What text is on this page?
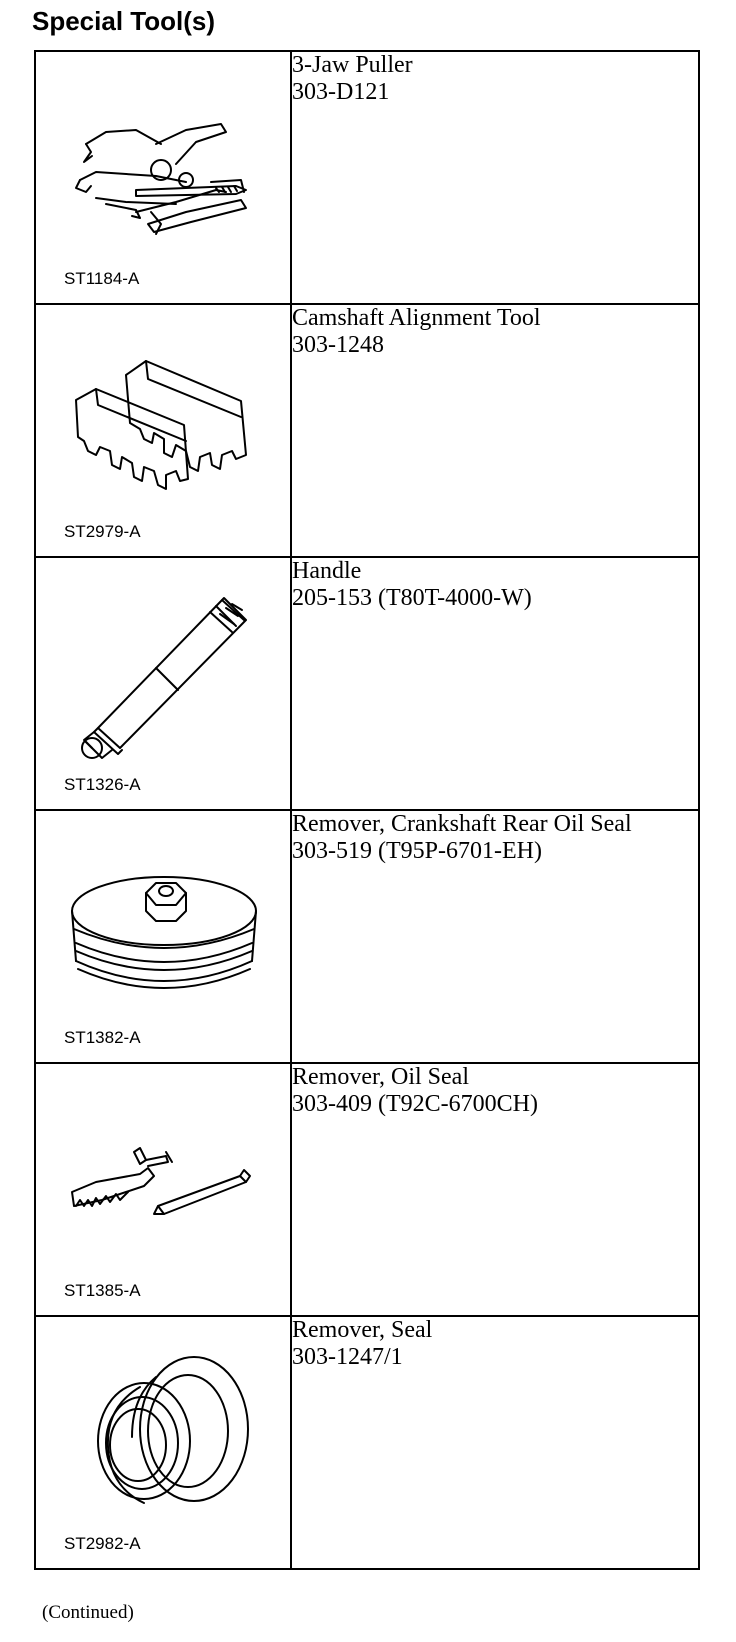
Special Tool(s)
ST1184-A	3-Jaw Puller
303-D121

ST2979-A	Camshaft Alignment Tool
303-1248

ST1326-A	Handle
205-153 (T80T-4000-W)

ST1382-A	Remover, Crankshaft Rear Oil Seal
303-519 (T95P-6701-EH)

ST1385-A	Remover, Oil Seal
303-409 (T92C-6700CH)

ST2982-A	Remover, Seal
303-1247/1
(Continued)
